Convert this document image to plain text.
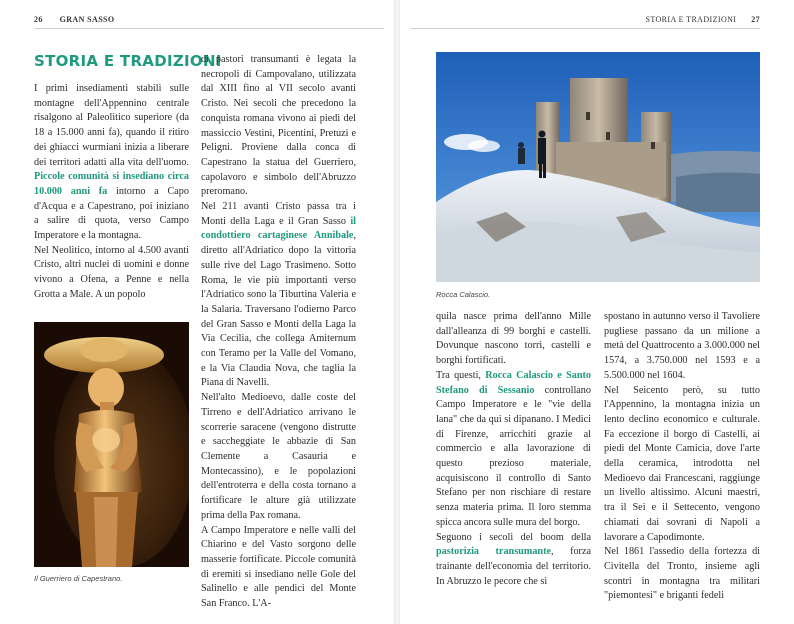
26 GRAN SASSO
STORIA E TRADIZIONI

I primi insediamenti stabili sulle montagne dell'Appennino centrale risalgono al Paleolitico superiore (da 18 a 15.000 anni fa), quando il ritiro dei ghiacci wurmiani inizia a liberare dei territori adatti alla vita dell'uomo. Piccole comunità si insediano circa 10.000 anni fa intorno a Capo d'Acqua e a Capestrano, poi iniziano a salire di quota, verso Campo Imperatore e la montagna.

Nel Neolitico, intorno al 4.500 avanti Cristo, altri nuclei di uomini e donne vivono a Ofena, a Penne e nella Grotta a Male. A un popolo

Il Guerriero di Capestrano.

di pastori transumanti è legata la necropoli di Campovalano, utilizzata dal XIII fino al VII secolo avanti Cristo. Nei secoli che precedono la conquista romana vivono ai piedi del massiccio Vestini, Picentini, Pretuzi e Peligni. Proviene dalla conca di Capestrano la statua del Guerriero, capolavoro e simbolo dell'Abruzzo preromano.

Nel 211 avanti Cristo passa tra i Monti della Laga e il Gran Sasso il condottiero cartaginese Annibale, diretto all'Adriatico dopo la vittoria sulle rive del Lago Trasimeno. Sotto Roma, le vie più importanti verso l'Adriatico sono la Tiburtina Valeria e la Salaria. Traversano l'odierno Parco del Gran Sasso e Monti della Laga la Via Cecilia, che collega Amiternum con Teramo per la Valle del Vomano, e la Via Claudia Nova, che taglia la Piana di Navelli.

Nell'alto Medioevo, dalle coste del Tirreno e dell'Adriatico arrivano le scorrerie saracene (vengono distrutte e saccheggiate le abbazie di San Clemente a Casauria e Montecassino), e le popolazioni dell'entroterra e della costa tornano a fortificare le alture già utilizzate prima della Pax romana.

A Campo Imperatore e nelle valli del Chiarino e del Vasto sorgono delle masserie fortificate. Piccole comunità di eremiti si insediano nelle Gole del Salinello e alle pendici del Monte San Franco. L'A-

STORIA E TRADIZIONI 27
Rocca Calascio.

quila nasce prima dell'anno Mille dall'alleanza di 99 borghi e castelli. Dovunque nascono torri, castelli e borghi fortificati.

Tra questi, Rocca Calascio e Santo Stefano di Sessanio controllano Campo Imperatore e le "vie della lana" che da qui si dipanano. I Medici di Firenze, arricchiti grazie al commercio e alla lavorazione di questo prezioso materiale, acquisiscono il controllo di Santo Stefano per non rischiare di restare senza materia prima. Il loro stemma spicca ancora sulle mura del borgo.

Seguono i secoli del boom della pastorizia transumante, forza trainante dell'economia del territorio. In Abruzzo le pecore che si

spostano in autunno verso il Tavoliere pugliese passano da un milione a metà del Quattrocento a 3.000.000 nel 1574, a 3.750.000 nel 1593 e a 5.500.000 nel 1604.

Nel Seicento però, su tutto l'Appennino, la montagna inizia un lento declino economico e culturale. Fa eccezione il borgo di Castelli, ai piedi del Monte Camicia, dove l'arte della ceramica, introdotta nel Medioevo dai Francescani, raggiunge un livello altissimo. Alcuni maestri, tra il Sei e il Settecento, vengono chiamati dai sovrani di Napoli a lavorare a Capodimonte.

Nel 1861 l'assedio della fortezza di Civitella del Tronto, insieme agli scontri in montagna tra militari "piemontesi" e briganti fedeli
